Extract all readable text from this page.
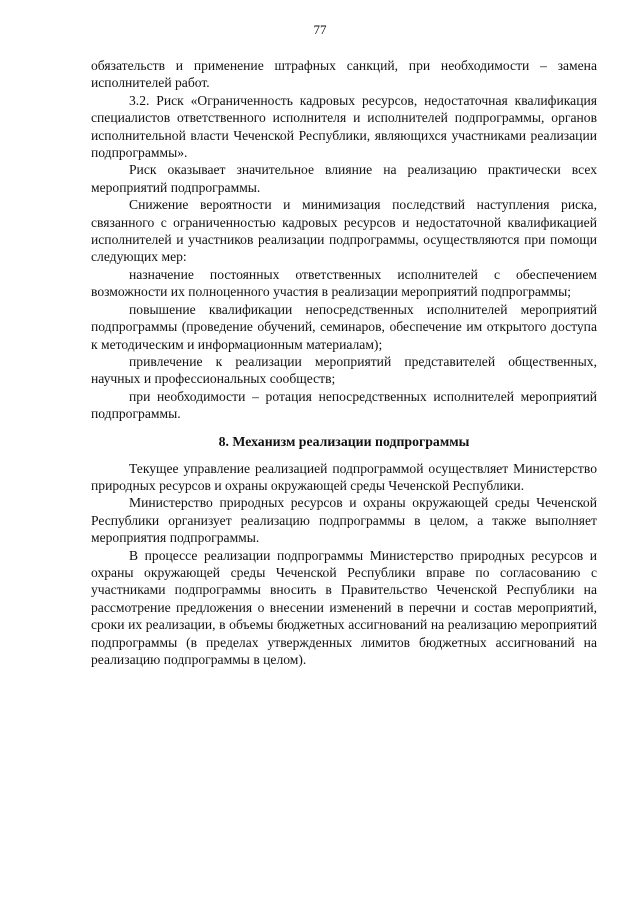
77

обязательств и применение штрафных санкций, при необходимости – замена исполнителей работ.

3.2. Риск «Ограниченность кадровых ресурсов, недостаточная квалификация специалистов ответственного исполнителя и исполнителей подпрограммы, органов исполнительной власти Чеченской Республики, являющихся участниками реализации подпрограммы».

Риск оказывает значительное влияние на реализацию практически всех мероприятий подпрограммы.

Снижение вероятности и минимизация последствий наступления риска, связанного с ограниченностью кадровых ресурсов и недостаточной квалификацией исполнителей и участников реализации подпрограммы, осуществляются при помощи следующих мер:

назначение постоянных ответственных исполнителей с обеспечением возможности их полноценного участия в реализации мероприятий подпрограммы;

повышение квалификации непосредственных исполнителей мероприятий подпрограммы (проведение обучений, семинаров, обеспечение им открытого доступа к методическим и информационным материалам);

привлечение к реализации мероприятий представителей общественных, научных и профессиональных сообществ;

при необходимости – ротация непосредственных исполнителей мероприятий подпрограммы.

8. Механизм реализации подпрограммы

Текущее управление реализацией подпрограммой осуществляет Министерство природных ресурсов и охраны окружающей среды Чеченской Республики.

Министерство природных ресурсов и охраны окружающей среды Чеченской Республики организует реализацию подпрограммы в целом, а также выполняет мероприятия подпрограммы.

В процессе реализации подпрограммы Министерство природных ресурсов и охраны окружающей среды Чеченской Республики вправе по согласованию с участниками подпрограммы вносить в Правительство Чеченской Республики на рассмотрение предложения о внесении изменений в перечни и состав мероприятий, сроки их реализации, в объемы бюджетных ассигнований на реализацию мероприятий подпрограммы (в пределах утвержденных лимитов бюджетных ассигнований на реализацию подпрограммы в целом).
